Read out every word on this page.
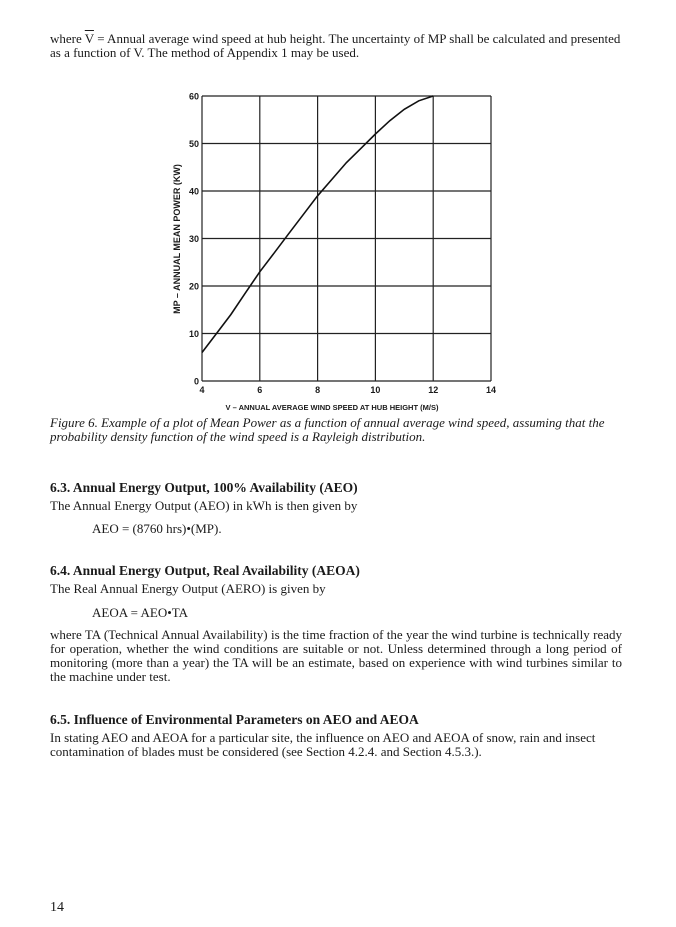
where $\overline{V}$ = Annual average wind speed at hub height. The uncertainty of MP shall be calculated and presented as a function of V. The method of Appendix 1 may be used.
0
10
20
30
40
50
60
4	6	8	10	12	14
MP – ANNUAL MEAN POWER (KW)
V – ANNUAL AVERAGE WIND SPEED AT HUB HEIGHT (M/S)
Figure 6. Example of a plot of Mean Power as a function of annual average wind speed, assuming that the probability density function of the wind speed is a Rayleigh distribution.
6.3. Annual Energy Output, 100% Availability (AEO)
The Annual Energy Output (AEO) in kWh is then given by
AEO = (8760 hrs)•(MP).
6.4. Annual Energy Output, Real Availability (AEOA)
The Real Annual Energy Output (AERO) is given by
AEOA = AEO•TA
where TA (Technical Annual Availability) is the time fraction of the year the wind turbine is technically ready for operation, whether the wind conditions are suitable or not. Unless determined through a long period of monitoring (more than a year) the TA will be an estimate, based on experience with wind turbines similar to the machine under test.
6.5. Influence of Environmental Parameters on AEO and AEOA
In stating AEO and AEOA for a particular site, the influence on AEO and AEOA of snow, rain and insect contamination of blades must be considered (see Section 4.2.4. and Section 4.5.3.).
14
